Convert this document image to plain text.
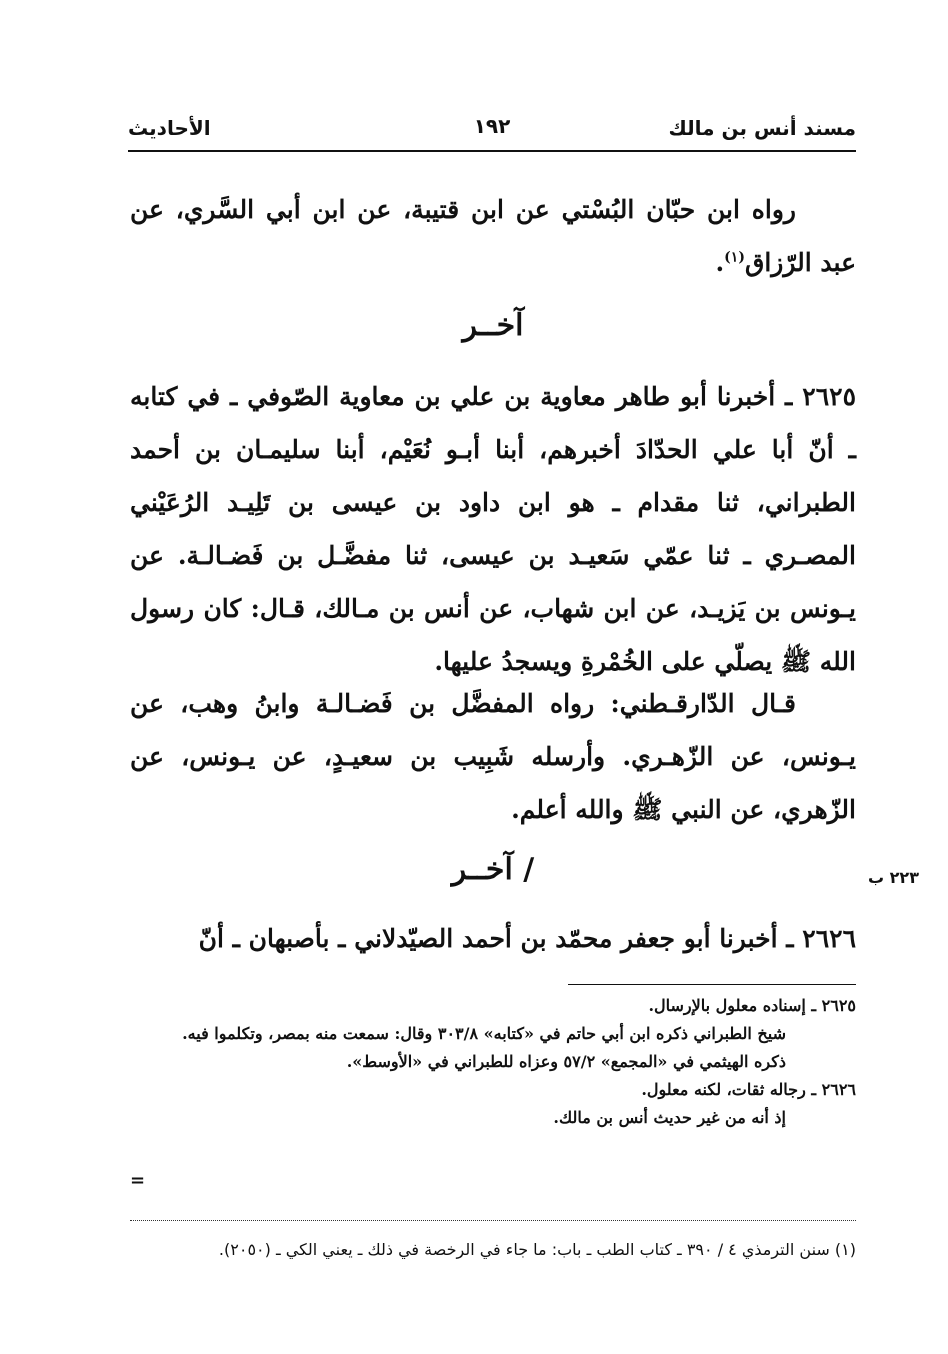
مسند أنس بن مالك
١٩٢
الأحاديث
رواه ابن حبّان البُسْتي عن ابن قتيبة، عن ابن أبي السَّري، عن عبد الرّزاق$^{(١)}$.
آخــر
٢٦٢٥ ـ أخبرنا أبو طاهر معاوية بن علي بن معاوية الصّوفي ـ في كتابه ـ أنّ أبا علي الحدّادَ أخبرهم، أبنا أبـو نُعَيْم، أبنا سليمـان بن أحمد الطبراني، ثنا مقدام ـ هو ابن داود بن عيسى بن تَلِيـد الرُعَيْني المصـري ـ ثنا عمّي سَعيـد بن عيسى، ثنا مفضَّـل بن فَضـالـة. عن يـونس بن يَزيـد، عن ابن شهاب، عن أنس بن مـالك، قـال: كان رسول الله ﷺ يصلّي على الخُمْرةِ ويسجدُ عليها.
قـال الدّارقـطني: رواه المفضَّل بن فَضـالـة وابنُ وهب، عن يـونس، عن الزّهـري. وأرسله شَبِيب بن سعيـدٍ، عن يـونس، عن الزّهري، عن النبي ﷺ والله أعلم.
/ آخــر	٢٢٣ ب
٢٦٢٦ ـ أخبرنا أبو جعفر محمّد بن أحمد الصيّدلاني ـ بأصبهان ـ أنّ
٢٦٢٥ ـ إسناده معلول بالإرسال.
شيخ الطبراني ذكره ابن أبي حاتم في «كتابه» ٣٠٣/٨ وقال: سمعت منه بمصر، وتكلموا فيه.
ذكره الهيثمي في «المجمع» ٥٧/٢ وعزاه للطبراني في «الأوسط».
٢٦٢٦ ـ رجاله ثقات، لكنه معلول.
إذ أنه من غير حديث أنس بن مالك.
=
(١) سنن الترمذي ٤ / ٣٩٠ ـ كتاب الطب ـ باب: ما جاء في الرخصة في ذلك ـ يعني الكي ـ (٢٠٥٠).
